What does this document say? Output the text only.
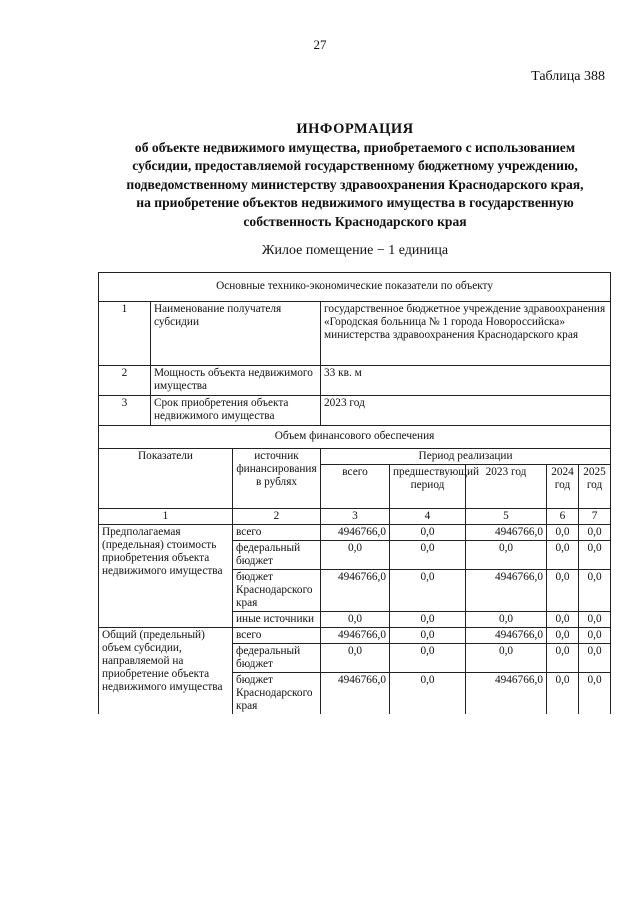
27
Таблица 388
ИНФОРМАЦИЯ
об объекте недвижимого имущества, приобретаемого с использованием
субсидии, предоставляемой государственному бюджетному учреждению,
подведомственному министерству здравоохранения Краснодарского края,
на приобретение объектов недвижимого имущества в государственную
собственность Краснодарского края
Жилое помещение − 1 единица
Основные технико-экономические показатели по объекту							
1	Наименование получателя субсидии		государственное бюджетное учреждение здравоохранения «Городская больница № 1 города Новороссийска» министерства здравоохранения Краснодарского края				
2	Мощность объекта недвижимого имущества		33 кв. м				
3	Срок приобретения объекта недвижимого имущества		2023 год				
Объем финансового обеспечения							
Показатели		источник финансирования в рублях	Период реализации				
			всего	предшествующий период	2023 год	2024 год	2025 год
1		2	3	4	5	6	7
Предполагаемая (предельная) стоимость приобретения объекта недвижимого имущества		всего	4946766,0	0,0	4946766,0	0,0	0,0
		федеральный бюджет	0,0	0,0	0,0	0,0	0,0
		бюджет Краснодарского края	4946766,0	0,0	4946766,0	0,0	0,0
		иные источники	0,0	0,0	0,0	0,0	0,0
Общий (предельный) объем субсидии, направляемой на приобретение объекта недвижимого имущества		всего	4946766,0	0,0	4946766,0	0,0	0,0
		федеральный бюджет	0,0	0,0	0,0	0,0	0,0
		бюджет Краснодарского края	4946766,0	0,0	4946766,0	0,0	0,0
